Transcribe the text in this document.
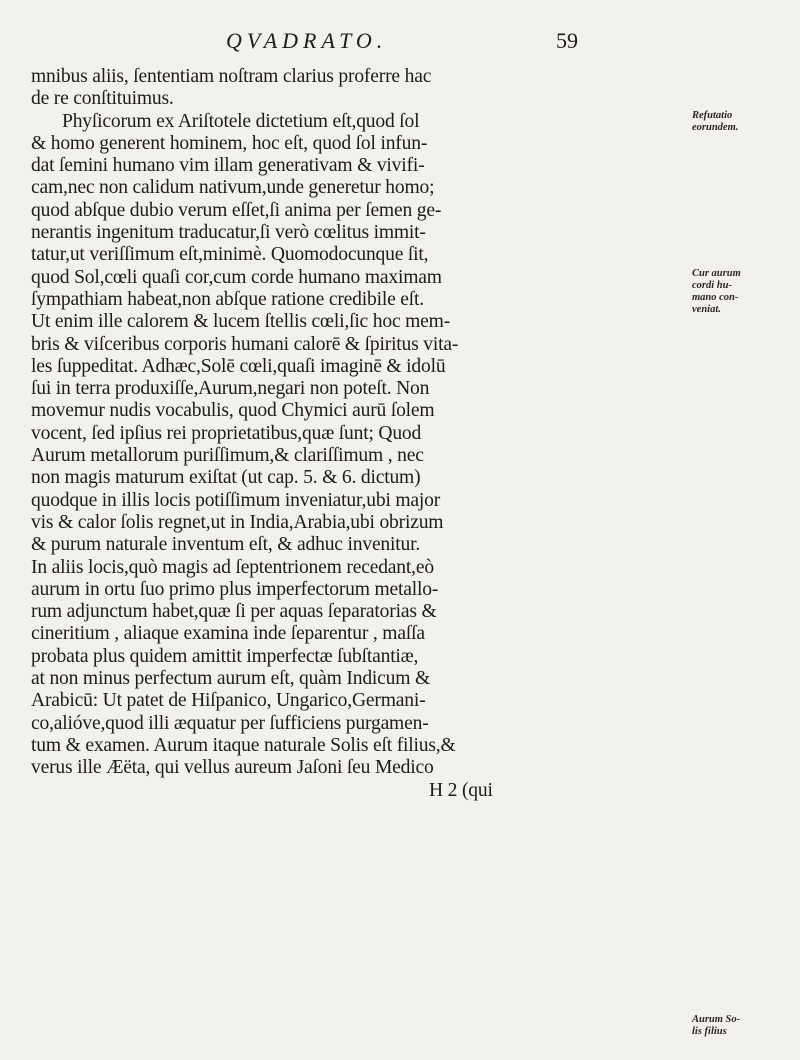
QVADRATO.	59
mnibus aliis, ſententiam noſtram clarius proferre hac
de re conſtituimus.
Phyſicorum ex Ariſtotele dictetium eſt,quod ſol
& homo generent hominem, hoc eſt, quod ſol infun-
dat ſemini humano vim illam generativam & vivifi-
cam,nec non calidum nativum,unde generetur homo;
quod abſque dubio verum eſſet,ſi anima per ſemen ge-
nerantis ingenitum traducatur,ſi verò cœlitus immit-
tatur,ut veriſſimum eſt,minimè. Quomodocunque ſit,
quod Sol,cœli quaſi cor,cum corde humano maximam
ſympathiam habeat,non abſque ratione credibile eſt.
Ut enim ille calorem & lucem ſtellis cœli,ſic hoc mem-
bris & viſceribus corporis humani calorē & ſpiritus vita-
les ſuppeditat. Adhæc,Solē cœli,quaſi imaginē & idolū
ſui in terra produxiſſe,Aurum,negari non poteſt. Non
movemur nudis vocabulis, quod Chymici aurū ſolem
vocent, ſed ipſius rei proprietatibus,quæ ſunt; Quod
Aurum metallorum puriſſimum,& clariſſimum , nec
non magis maturum exiſtat (ut cap. 5. & 6. dictum)
quodque in illis locis potiſſimum inveniatur,ubi major
vis & calor ſolis regnet,ut in India,Arabia,ubi obrizum
& purum naturale inventum eſt, & adhuc invenitur.
In aliis locis,quò magis ad ſeptentrionem recedant,eò
aurum in ortu ſuo primo plus imperfectorum metallo-
rum adjunctum habet,quæ ſi per aquas ſeparatorias &
cineritium , aliaque examina inde ſeparentur , maſſa
probata plus quidem amittit imperfectæ ſubſtantiæ,
at non minus perfectum aurum eſt, quàm Indicum &
Arabicū: Ut patet de Hiſpanico, Ungarico,Germani-
co,alióve,quod illi æquatur per ſufficiens purgamen-
tum & examen. Aurum itaque naturale Solis eſt filius,&
verus ille Æëta, qui vellus aureum Jaſoni ſeu Medico
H 2 (qui
Refutatio
eorundem.
Cur aurum
cordi hu-
mano con-
veniat.
Aurum So-
lis filius
